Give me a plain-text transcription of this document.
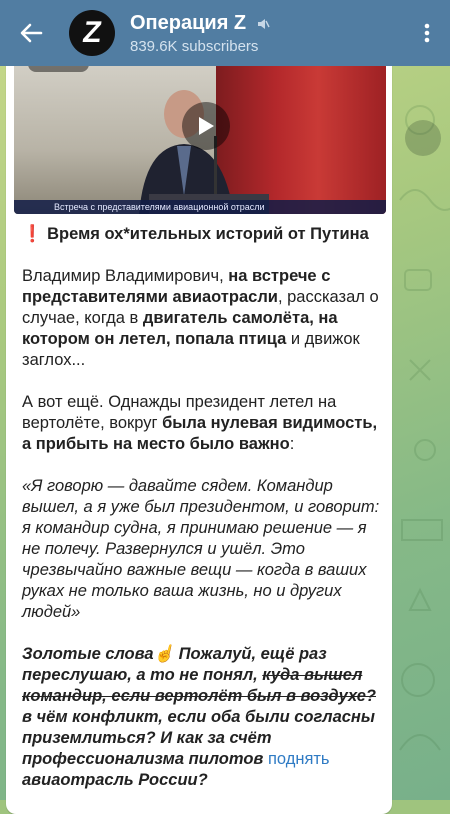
Z Операция Z
839.6K subscribers
Встреча с представителями авиационной отрасли

❗ Время ох*ительных историй от Путина

Владимир Владимирович, на встрече с представителями авиаотрасли, рассказал о случае, когда в двигатель самолёта, на котором он летел, попала птица и движок заглох...

А вот ещё. Однажды президент летел на вертолёте, вокруг была нулевая видимость, а прибыть на место было важно:

«Я говорю — давайте сядем. Командир вышел, а я уже был президентом, и говорит: я командир судна, я принимаю решение — я не полечу. Развернулся и ушёл. Это чрезвычайно важные вещи — когда в ваших руках не только ваша жизнь, но и других людей»

Золотые слова☝️ Пожалуй, ещё раз переслушаю, а то не понял, куда вышел командир, если вертолёт был в воздухе? в чём конфликт, если оба были согласны приземлиться? И как за счёт профессионализма пилотов поднять авиаотрасль России?
